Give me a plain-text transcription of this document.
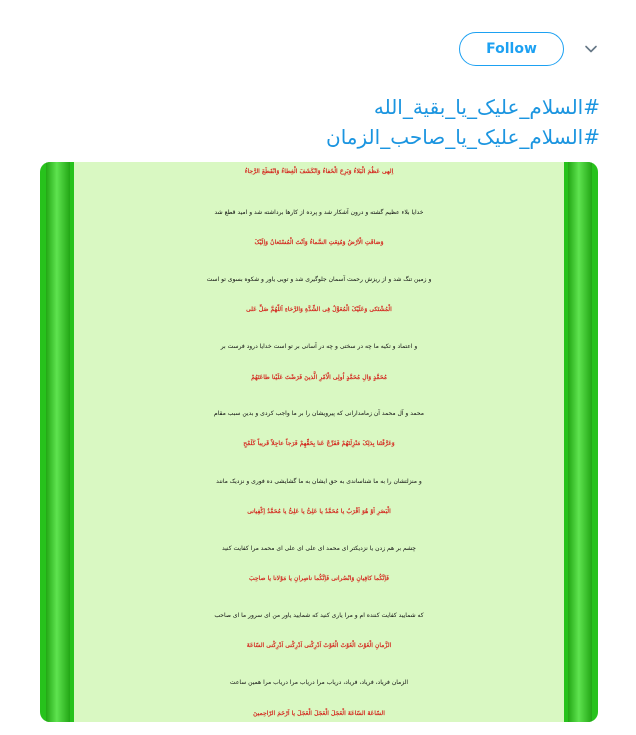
Follow
#السلام_علیک_یا_بقیة_الله
#السلام_علیک_یا_صاحب_الزمان

اِلهی عَظُمَ الْبَلاءُ وَبَرِحَ الْخَفاءُ وَانْکَشَفَ الْغِطاءُ وَانْقَطَعَ الرَّجاءُ

خدایا بلاء عظیم گشته و درون آشکار شد و پرده از کارها برداشته شد و امید قطع شد

وَضاقَتِ الْاَرْضُ وَمُنِعَتِ السَّماءُ وَاَنْتَ الْمُسْتَعانُ وَاِلَیْکَ

و زمین تنگ شد و از ریزش رحمت آسمان جلوگیری شد و تویی یاور و شکوه بسوی تو است

الْمُشْتَکی وَعَلَیْکَ الْمُعَوَّلُ فِی الشِّدَّةِ وَالرَّخاءِ اَللّهُمَّ صَلِّ عَلی

و اعتماد و تکیه ما چه در سختی و چه در آسانی بر تو است خدایا درود فرست بر

مُحَمَّدٍ وَالِ مُحَمَّدٍ اُولِی الْاَمْرِ الَّذینَ فَرَضْتَ عَلَیْنا طاعَتَهُمْ

محمد و آل محمد آن زمامدارانی که پیرویشان را بر ما واجب کردی و بدین سبب مقام

وَعَرَّفْتَنا بِذلِکَ مَنْزِلَتَهُمْ فَفَرِّجْ عَنا بِحَقِّهِمْ فَرَجاً عاجِلاً قَریباً کَلَمْحِ

و منزلتشان را به ما شناساندی به حق ایشان به ما گشایشی ده فوری و نزدیک مانند

الْبَصَرِ اَوْ هُوَ اَقْرَبُ یا مُحَمَّدُ یا عَلِیُّ یا عَلِیُّ یا مُحَمَّدُ اِکْفِیانی

چشم بر هم زدن یا نزدیکتر ای محمد ای علی ای علی ای محمد مرا کفایت کنید

فَاِنَّکُما کافِیانِ وَانْصُرانی فَاِنَّکُما ناصِرانِ یا مَوْلانا یا صاحِبَ

که شمایید کفایت کننده ام و مرا یاری کنید که شمایید یاور من ای سرور ما ای صاحب

الزَّمانِ الْغَوْثَ الْغَوْثَ الْغَوْثَ اَدْرِکْنی اَدْرِکْنی اَدْرِکْنی السّاعَةَ

الزمان فریاد، فریاد، فریاد، دریاب مرا دریاب مرا دریاب مرا همین ساعت

السّاعَةَ السّاعَةَ الْعَجَلَ الْعَجَلَ الْعَجَلَ یا اَرْحَمَ الرّاحِمینَ
